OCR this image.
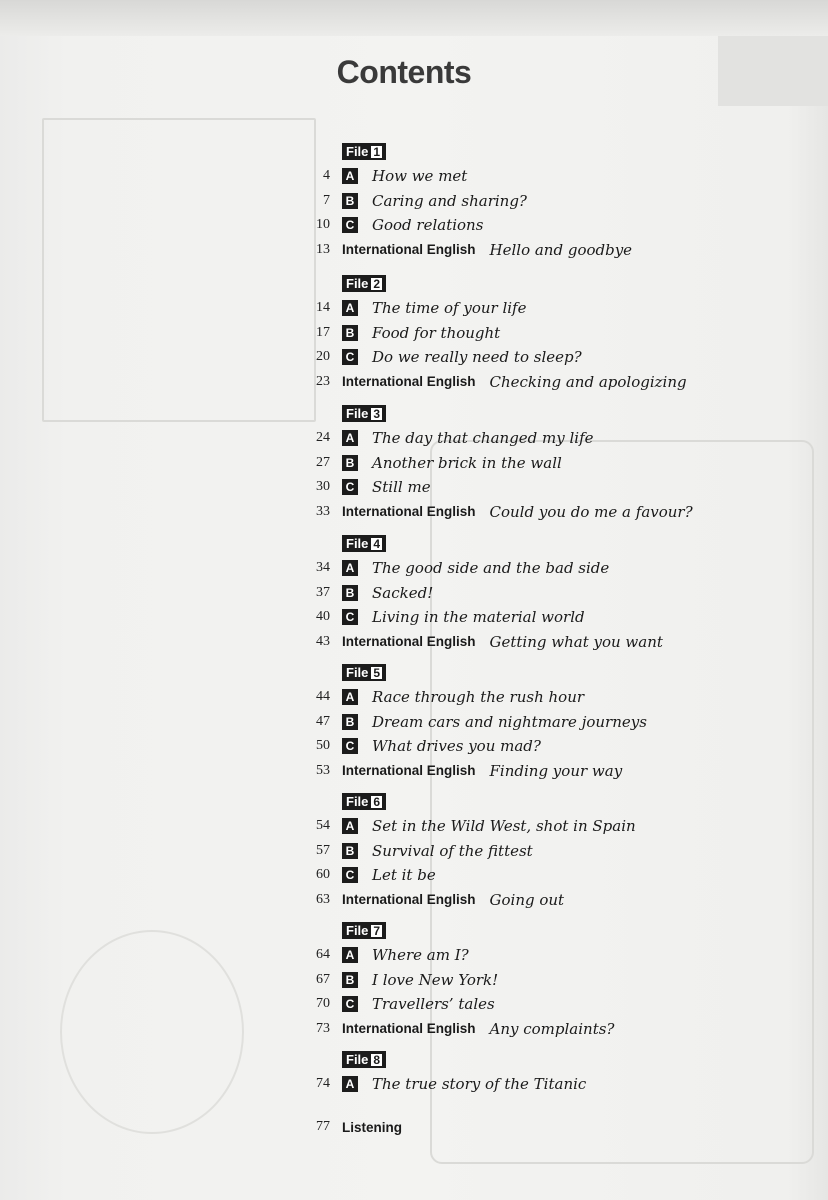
Contents
File 1
4	A How we met
7	B Caring and sharing?
10	C Good relations
13 International English Hello and goodbye
File 2
14	A The time of your life
17	B Food for thought
20	C Do we really need to sleep?
23 International English Checking and apologizing
File 3
24	A The day that changed my life
27	B Another brick in the wall
30	C Still me
33 International English Could you do me a favour?
File 4
34	A The good side and the bad side
37	B Sacked!
40	C Living in the material world
43 International English Getting what you want
File 5
44	A Race through the rush hour
47	B Dream cars and nightmare journeys
50	C What drives you mad?
53 International English Finding your way
File 6
54	A Set in the Wild West, shot in Spain
57	B Survival of the fittest
60	C Let it be
63 International English Going out
File 7
64	A Where am I?
67	B I love New York!
70	C Travellers’ tales
73 International English Any complaints?
File 8
74	A The true story of the Titanic
77 Listening
